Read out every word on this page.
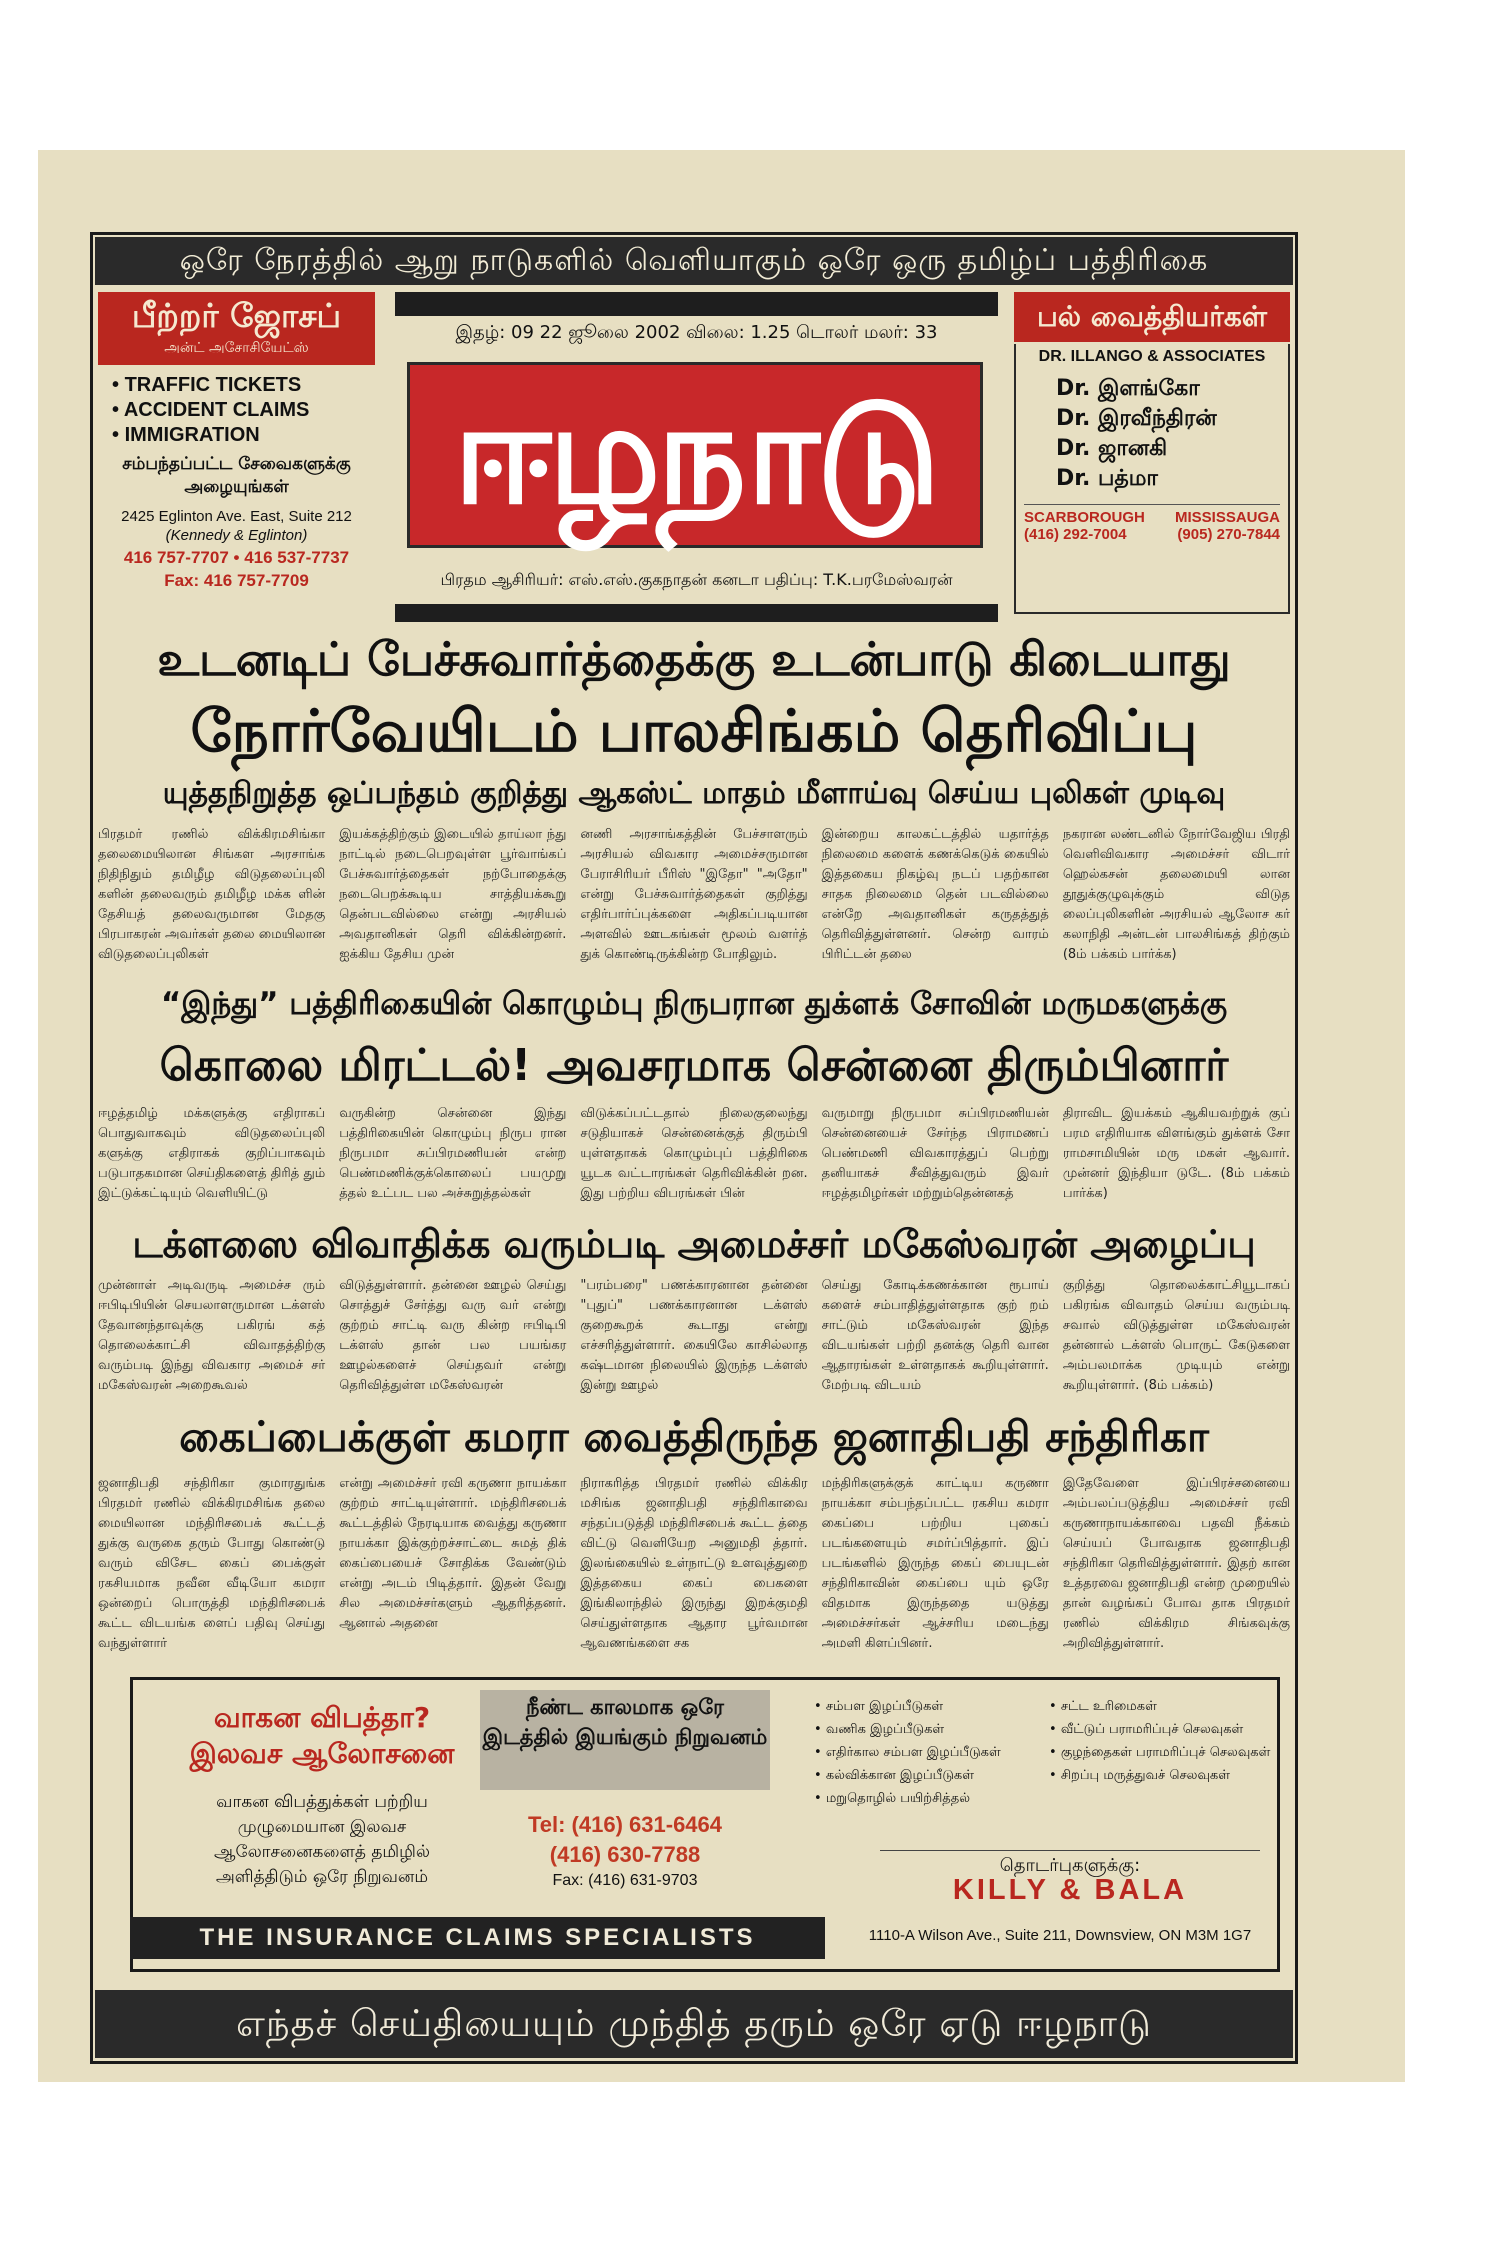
ஒரே நேரத்தில் ஆறு நாடுகளில் வெளியாகும் ஒரே ஒரு தமிழ்ப் பத்திரிகை
பீற்றர் ஜோசப்
அன்ட் அசோசியேட்ஸ்
• TRAFFIC TICKETS
• ACCIDENT CLAIMS
• IMMIGRATION
சம்பந்தப்பட்ட சேவைகளுக்கு அழையுங்கள்
2425 Eglinton Ave. East, Suite 212
(Kennedy & Eglinton)
416 757-7707 • 416 537-7737
Fax: 416 757-7709
இதழ்: 09 22 ஜூலை 2002 விலை: 1.25 டொலர் மலர்: 33
ஈழநாடு
பிரதம ஆசிரியர்: எஸ்.எஸ்.குகநாதன் கனடா பதிப்பு: T.K.பரமேஸ்வரன்
பல் வைத்தியர்கள்
DR. ILLANGO & ASSOCIATES
Dr. இளங்கோ
Dr. இரவீந்திரன்
Dr. ஜானகி
Dr. பத்மா
SCARBOROUGH MISSISSAUGA
(416) 292-7004	(905) 270-7844
உடனடிப் பேச்சுவார்த்தைக்கு உடன்பாடு கிடையாது
நோர்வேயிடம் பாலசிங்கம் தெரிவிப்பு
யுத்தநிறுத்த ஒப்பந்தம் குறித்து ஆகஸ்ட் மாதம் மீளாய்வு செய்ய புலிகள் முடிவு
பிரதமர் ரணில் விக்கிரமசிங்கா தலைமையிலான சிங்கள அரசாங்க நிதிநிதும் தமிழீழ விடுதலைப்புலி களின் தலைவரும் தமிழீழ மக்க ளின் தேசியத் தலைவருமான மேதகு பிரபாகரன் அவர்கள் தலை மையிலான விடுதலைப்புலிகள்
இயக்கத்திற்கும் இடையில் தாய்லா ந்து நாட்டில் நடைபெறவுள்ள பூர்வாங்கப் பேச்சுவார்த்தைகள் நற்போதைக்கு நடைபெறக்கூடிய சாத்தியக்கூறு தென்படவில்லை என்று அரசியல் அவதானிகள் தெரி விக்கின்றனர். ஐக்கிய தேசிய முன்
னணி அரசாங்கத்தின் பேச்சாளரும் அரசியல் விவகார அமைச்சருமான பேராசிரியர் பீரிஸ் "இதோ" "அதோ" என்று பேச்சுவார்த்தைகள் குறித்து எதிர்பார்ப்புக்களை அதிகப்படியான அளவில் ஊடகங்கள் மூலம் வளர்த் துக் கொண்டிருக்கின்ற போதிலும்.
இன்றைய காலகட்டத்தில் யதார்த்த நிலைமை களைக் கணக்கெடுக் கையில் இத்தகைய நிகழ்வு நடப் பதற்கான சாதக நிலைமை தென் படவில்லை என்றே அவதானிகள் கருதத்துத் தெரிவித்துள்ளனர். சென்ற வாரம் பிரிட்டன் தலை
நகரான லண்டனில் நோர்வேஜிய பிரதி வெளிவிவகார அமைச்சர் விடார் ஹெல்கசன் தலைமையி லான தூதுக்குழுவுக்கும் விடுத லைப்புலிகளின் அரசியல் ஆலோச கர் கலாநிதி அன்டன் பாலசிங்கத் திற்கும் (8ம் பக்கம் பார்க்க)
“இந்து” பத்திரிகையின் கொழும்பு நிருபரான துக்ளக் சோவின் மருமகளுக்கு
கொலை மிரட்டல்! அவசரமாக சென்னை திரும்பினார்
ஈழத்தமிழ் மக்களுக்கு எதிராகப் பொதுவாகவும் விடுதலைப்புலி களுக்கு எதிராகக் குறிப்பாகவும் படுபாதகமான செய்திகளைத் திரித் தும் இட்டுக்கட்டியும் வெளியிட்டு
வருகின்ற சென்னை இந்து பத்திரிகையின் கொழும்பு நிருப ரான நிருபமா சுப்பிரமணியன் என்ற பெண்மணிக்குக்கொலைப் பயமுறு த்தல் உட்பட பல அச்சுறுத்தல்கள்
விடுக்கப்பட்டதால் நிலைகுலைந்து சடுதியாகச் சென்னைக்குத் திரும்பி யுள்ளதாகக் கொழும்புப் பத்திரிகை யூடக வட்டாரங்கள் தெரிவிக்கின் றன. இது பற்றிய விபரங்கள் பின்
வருமாறு நிருபமா சுப்பிரமணியன் சென்னையைச் சேர்ந்த பிராமணப் பெண்மணி விவகாரத்துப் பெற்று தனியாகச் சீவித்துவரும் இவர் ஈழத்தமிழர்கள் மற்றும்தென்னகத்
திராவிட இயக்கம் ஆகியவற்றுக் குப் பரம எதிரியாக விளங்கும் துக்ளக் சோ ராமசாமியின் மரு மகள் ஆவார். முன்னர் இந்தியா டுடே. (8ம் பக்கம் பார்க்க)
டக்ளஸை விவாதிக்க வரும்படி அமைச்சர் மகேஸ்வரன் அழைப்பு
முன்னாள் அடிவருடி அமைச்ச ரும் ஈபிடிபியின் செயலாளருமான டக்ளஸ் தேவானந்தாவுக்கு பகிரங் கத் தொலைக்காட்சி விவாதத்திற்கு வரும்படி இந்து விவகார அமைச் சர் மகேஸ்வரன் அறைகூவல்
விடுத்துள்ளார். தன்னை ஊழல் செய்து சொத்துச் சேர்த்து வரு வர் என்று குற்றம் சாட்டி வரு கின்ற ஈபிடிபி டக்ளஸ் தான் பல பயங்கர ஊழல்களைச் செய்தவர் என்று தெரிவித்துள்ள மகேஸ்வரன்
"பரம்பரை" பணக்காரனான தன்னை "புதுப்" பணக்காரனான டக்ளஸ் குறைகூறக் கூடாது என்று எச்சரித்துள்ளார். கையிலே காசில்லாத கஷ்டமான நிலையில் இருந்த டக்ளஸ் இன்று ஊழல்
செய்து கோடிக்கணக்கான ரூபாய் களைச் சம்பாதித்துள்ளதாக குற் றம் சாட்டும் மகேஸ்வரன் இந்த விடயங்கள் பற்றி தனக்கு தெரி வான ஆதாரங்கள் உள்ளதாகக் கூறியுள்ளார். மேற்படி விடயம்
குறித்து தொலைக்காட்சியூடாகப் பகிரங்க விவாதம் செய்ய வரும்படி சவால் விடுத்துள்ள மகேஸ்வரன் தன்னால் டக்ளஸ் பொருட் கேடுகளை அம்பலமாக்க முடியும் என்று கூறியுள்ளார். (8ம் பக்கம்)
கைப்பைக்குள் கமரா வைத்திருந்த ஜனாதிபதி சந்திரிகா
ஜனாதிபதி சந்திரிகா குமாரதுங்க பிரதமர் ரணில் விக்கிரமசிங்க தலை மையிலான மந்திரிசபைக் கூட்டத் துக்கு வருகை தரும் போது கொண்டு வரும் விசேட கைப் பைக்குள் ரகசியமாக நவீன வீடியோ கமரா ஒன்றைப் பொருத்தி மந்திரிசபைக் கூட்ட விடயங்க ளைப் பதிவு செய்து வந்துள்ளார்
என்று அமைச்சர் ரவி கருணா நாயக்கா குற்றம் சாட்டியுள்ளார். மந்திரிசபைக் கூட்டத்தில் நேரடியாக வைத்து கருணா நாயக்கா இக்குற்றச்சாட்டை சுமத் திக் கைப்பையைச் சோதிக்க வேண்டும் என்று அடம் பிடித்தார். இதன் வேறு சில அமைச்சர்களும் ஆதரித்தனர். ஆனால் அதனை
நிராகரித்த பிரதமர் ரணில் விக்கிர மசிங்க ஜனாதிபதி சந்திரிகாவை சந்தப்படுத்தி மந்திரிசபைக் கூட்ட த்தை விட்டு வெளியேற அனுமதி த்தார். இலங்கையில் உள்நாட்டு உளவுத்துறை இத்தகைய கைப் பைகளை இங்கிலாந்தில் இருந்து இறக்குமதி செய்துள்ளதாக ஆதார பூர்வமான ஆவணங்களை சக
மந்திரிகளுக்குக் காட்டிய கருணா நாயக்கா சம்பந்தப்பட்ட ரகசிய கமரா கைப்பை பற்றிய புகைப் படங்களையும் சமர்ப்பித்தார். இப் படங்களில் இருந்த கைப் பையுடன் சந்திரிகாவின் கைப்பை யும் ஒரே விதமாக இருந்ததை யடுத்து அமைச்சர்கள் ஆச்சரிய மடைந்து அமளி கிளப்பினர்.
இதேவேளை இப்பிரச்சனையை அம்பலப்படுத்திய அமைச்சர் ரவி கருணாநாயக்காவை பதவி நீக்கம் செய்யப் போவதாக ஜனாதிபதி சந்திரிகா தெரிவித்துள்ளார். இதற் கான உத்தரவை ஜனாதிபதி என்ற முறையில் தான் வழங்கப் போவ தாக பிரதமர் ரணில் விக்கிரம சிங்கவுக்கு அறிவித்துள்ளார்.
வாகன விபத்தா?
இலவச ஆலோசனை
வாகன விபத்துக்கள் பற்றிய முழுமையான இலவச ஆலோசனைகளைத் தமிழில் அளித்திடும் ஒரே நிறுவனம்
நீண்ட காலமாக ஒரே இடத்தில் இயங்கும் நிறுவனம்
Tel: (416) 631-6464
(416) 630-7788
Fax: (416) 631-9703
• சம்பள இழப்பீடுகள்
• வணிக இழப்பீடுகள்
• எதிர்கால சம்பள இழப்பீடுகள்
• கல்விக்கான இழப்பீடுகள்
• மறுதொழில் பயிற்சித்தல்
• சட்ட உரிமைகள்
• வீட்டுப் பராமரிப்புச் செலவுகள்
• குழந்தைகள் பராமரிப்புச் செலவுகள்
• சிறப்பு மருத்துவச் செலவுகள்
தொடர்புகளுக்கு:
KILLY & BALA
THE INSURANCE CLAIMS SPECIALISTS	1110-A Wilson Ave., Suite 211, Downsview, ON M3M 1G7
எந்தச் செய்தியையும் முந்தித் தரும் ஒரே ஏடு ஈழநாடு
